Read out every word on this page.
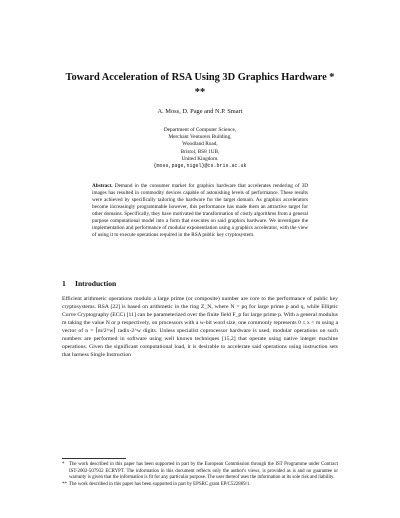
Toward Acceleration of RSA Using 3D Graphics Hardware * **

A. Moss, D. Page and N.P. Smart

Department of Computer Science,
Merchant Venturers Building,
Woodland Road,
Bristol, BS8 1UB,
United Kingdom.
{moss,page,nigel}@cs.bris.ac.uk

Abstract. Demand in the consumer market for graphics hardware that accelerates rendering of 3D images has resulted in commodity devices capable of astonishing levels of performance. These results were achieved by specifically tailoring the hardware for the target domain. As graphics accelerators become increasingly programmable however, this performance has made them an attractive target for other domains. Specifically, they have motivated the transformation of costly algorithms from a general purpose computational model into a form that executes on said graphics hardware. We investigate the implementation and performance of modular exponentiation using a graphics accelerator, with the view of using it to execute operations required in the RSA public key cryptosystem.

1 Introduction

Efficient arithmetic operations modulo a large prime (or composite) number are core to the performance of public key cryptosystems. RSA [22] is based on arithmetic in the ring Z_N, where N = pq for large prime p and q, while Elliptic Curve Cryptography (ECC) [11] can be parameterized over the finite field F_p for large prime p. With a general modulus m taking the value N or p respectively, on processors with a w-bit word size, one commonly represents 0 ≤ x < m using a vector of n = ⌈m/2^w⌉ radix-2^w digits. Unless specialist coprocessor hardware is used, modular operations on such numbers are performed in software using well known techniques [15,2] that operate using native integer machine operations. Given the significant computational load, it is desirable to accelerate said operations using instruction sets that harness Single Instruction

* The work described in this paper has been supported in part by the European Commission through the IST Programme under Contract IST-2002-507932 ECRYPT. The information in this document reflects only the author's views, is provided as is and no guarantee or warranty is given that the information is fit for any particular purpose. The user thereof uses the information at its sole risk and liability.

** The work described in this paper has been supported in part by EPSRC grant EP/C522869/1.
